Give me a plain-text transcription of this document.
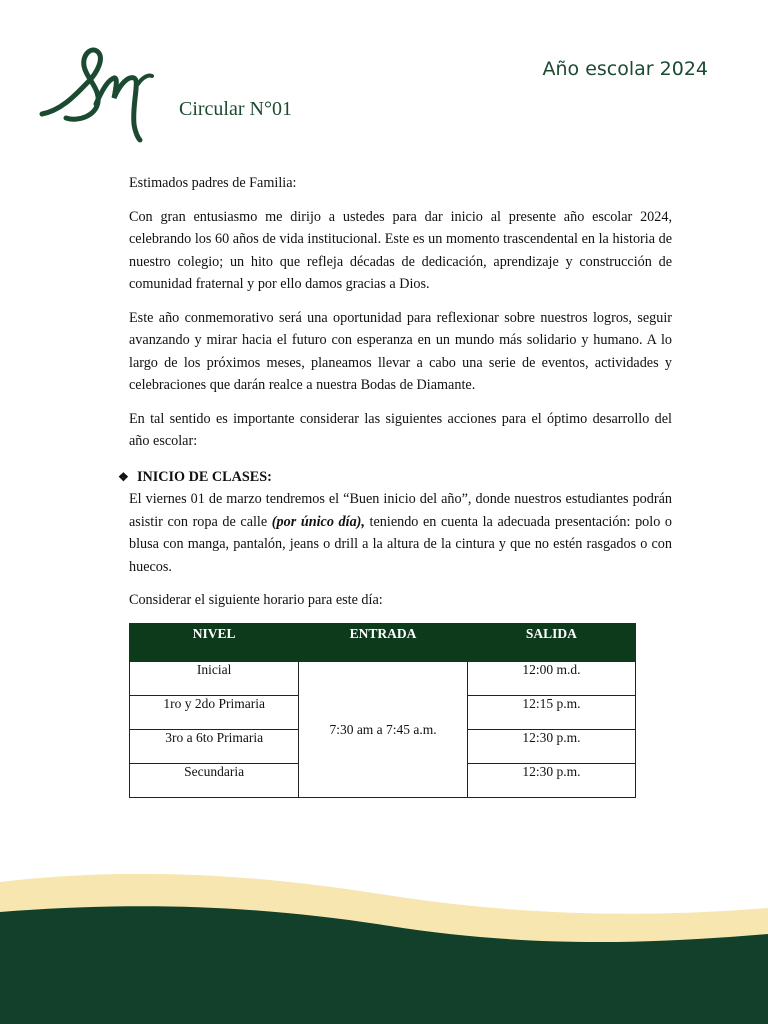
Circular N°01
Año escolar 2024

Estimados padres de Familia:

Con gran entusiasmo me dirijo a ustedes para dar inicio al presente año escolar 2024, celebrando los 60 años de vida institucional. Este es un momento trascendental en la historia de nuestro colegio; un hito que refleja décadas de dedicación, aprendizaje y construcción de comunidad fraternal y por ello damos gracias a Dios.

Este año conmemorativo será una oportunidad para reflexionar sobre nuestros logros, seguir avanzando y mirar hacia el futuro con esperanza en un mundo más solidario y humano. A lo largo de los próximos meses, planeamos llevar a cabo una serie de eventos, actividades y celebraciones que darán realce a nuestra Bodas de Diamante.

En tal sentido es importante considerar las siguientes acciones para el óptimo desarrollo del año escolar:

❖ INICIO DE CLASES:

El viernes 01 de marzo tendremos el “Buen inicio del año”, donde nuestros estudiantes podrán asistir con ropa de calle (por único día), teniendo en cuenta la adecuada presentación: polo o blusa con manga, pantalón, jeans o drill a la altura de la cintura y que no estén rasgados o con huecos.

Considerar el siguiente horario para este día:

NIVEL	ENTRADA	SALIDA
Inicial	7:30 am a 7:45 a.m.	12:00 m.d.
1ro y 2do Primaria		12:15 p.m.
3ro a 6to Primaria		12:30 p.m.
Secundaria		12:30 p.m.
